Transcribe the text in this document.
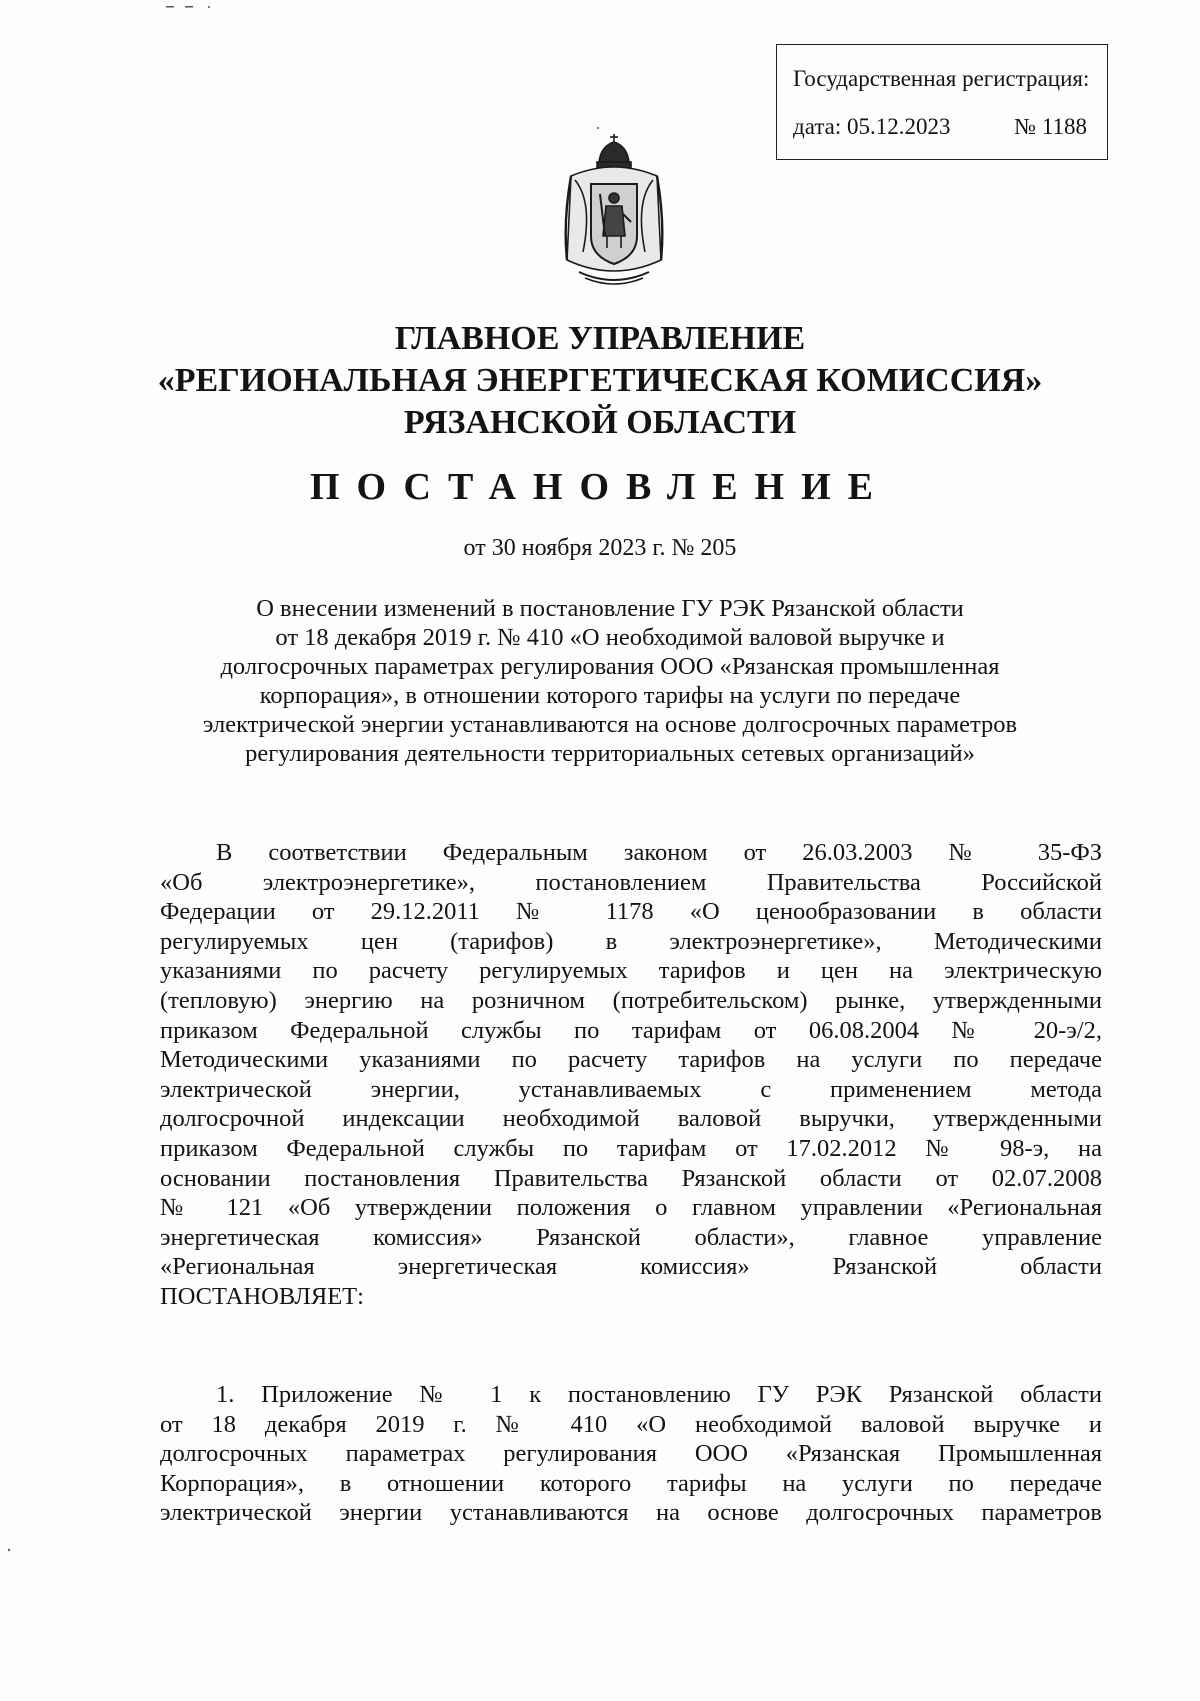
Государственная регистрация:
дата: 05.12.2023	№ 1188
ГЛАВНОЕ УПРАВЛЕНИЕ
«РЕГИОНАЛЬНАЯ ЭНЕРГЕТИЧЕСКАЯ КОМИССИЯ»
РЯЗАНСКОЙ ОБЛАСТИ
ПОСТАНОВЛЕНИЕ
от 30 ноября 2023 г. № 205
О внесении изменений в постановление ГУ РЭК Рязанской области
от 18 декабря 2019 г. № 410 «О необходимой валовой выручке и
долгосрочных параметрах регулирования ООО «Рязанская промышленная
корпорация», в отношении которого тарифы на услуги по передаче
электрической энергии устанавливаются на основе долгосрочных параметров
регулирования деятельности территориальных сетевых организаций»
В соответствии Федеральным законом от 26.03.2003 № 35-ФЗ
«Об электроэнергетике», постановлением Правительства Российской
Федерации от 29.12.2011 № 1178 «О ценообразовании в области
регулируемых цен (тарифов) в электроэнергетике», Методическими
указаниями по расчету регулируемых тарифов и цен на электрическую
(тепловую) энергию на розничном (потребительском) рынке, утвержденными
приказом Федеральной службы по тарифам от 06.08.2004 № 20-э/2,
Методическими указаниями по расчету тарифов на услуги по передаче
электрической энергии, устанавливаемых с применением метода
долгосрочной индексации необходимой валовой выручки, утвержденными
приказом Федеральной службы по тарифам от 17.02.2012 № 98-э, на
основании постановления Правительства Рязанской области от 02.07.2008
№ 121 «Об утверждении положения о главном управлении «Региональная
энергетическая комиссия» Рязанской области», главное управление
«Региональная энергетическая комиссия» Рязанской области
ПОСТАНОВЛЯЕТ:
1. Приложение № 1 к постановлению ГУ РЭК Рязанской области
от 18 декабря 2019 г. № 410 «О необходимой валовой выручке и
долгосрочных параметрах регулирования ООО «Рязанская Промышленная
Корпорация», в отношении которого тарифы на услуги по передаче
электрической энергии устанавливаются на основе долгосрочных параметров
